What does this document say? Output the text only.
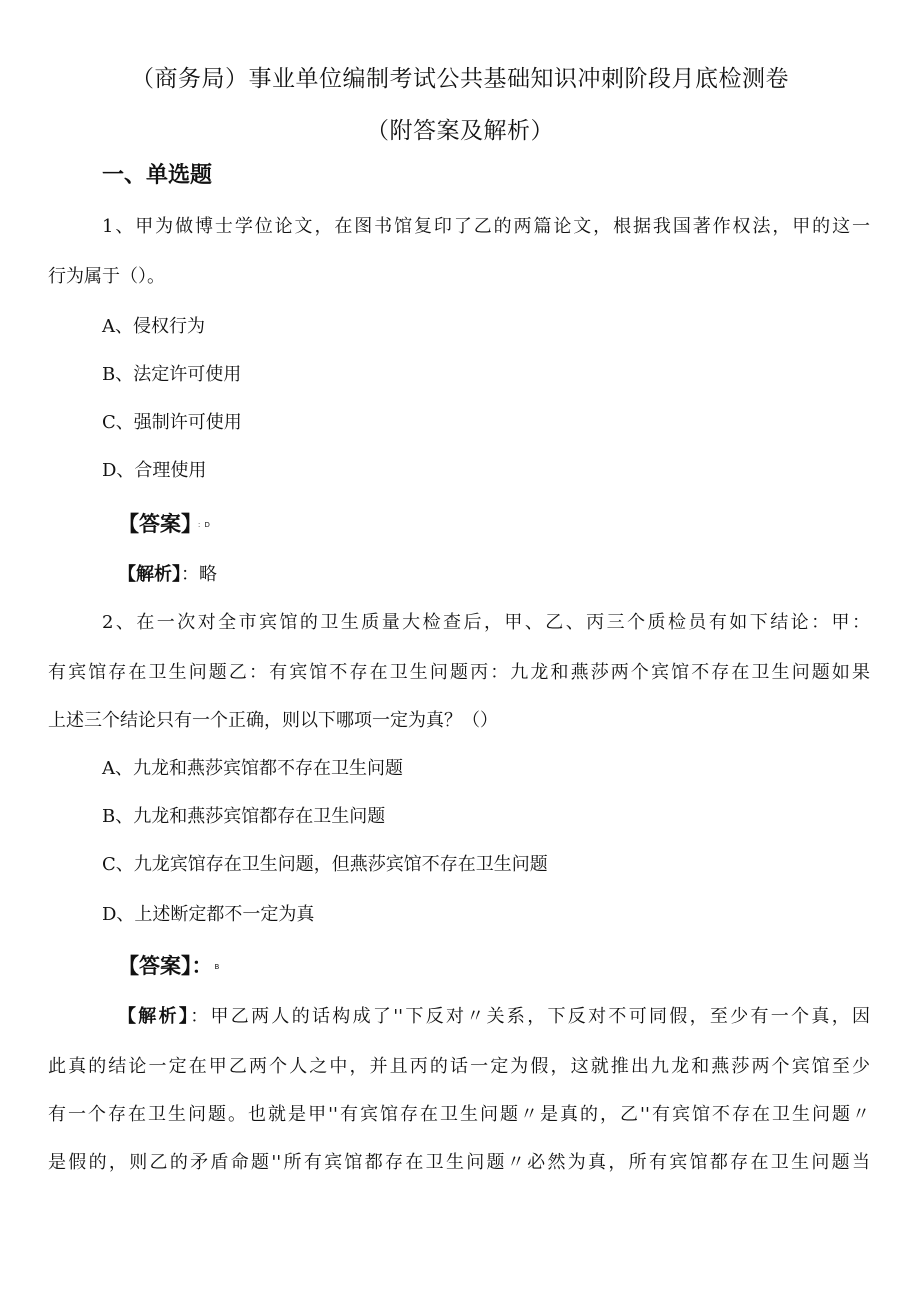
（商务局）事业单位编制考试公共基础知识冲刺阶段月底检测卷
（附答案及解析）
一、单选题
1、甲为做博士学位论文，在图书馆复印了乙的两篇论文，根据我国著作权法，甲的这一
行为属于（）。
A、侵权行为
B、法定许可使用
C、强制许可使用
D、合理使用
【答案】 ：D
【解析】：略
2、在一次对全市宾馆的卫生质量大检查后，甲、乙、丙三个质检员有如下结论：甲：
有宾馆存在卫生问题乙：有宾馆不存在卫生问题丙：九龙和燕莎两个宾馆不存在卫生问题如果
上述三个结论只有一个正确，则以下哪项一定为真？（）
A、九龙和燕莎宾馆都不存在卫生问题
B、九龙和燕莎宾馆都存在卫生问题
C、九龙宾馆存在卫生问题，但燕莎宾馆不存在卫生问题
D、上述断定都不一定为真
【答案】： B
【解析】：甲乙两人的话构成了''下反对〃关系，下反对不可同假，至少有一个真，因
此真的结论一定在甲乙两个人之中，并且丙的话一定为假，这就推出九龙和燕莎两个宾馆至少
有一个存在卫生问题。也就是甲''有宾馆存在卫生问题〃是真的，乙''有宾馆不存在卫生问题〃
是假的，则乙的矛盾命题''所有宾馆都存在卫生问题〃必然为真，所有宾馆都存在卫生问题当
